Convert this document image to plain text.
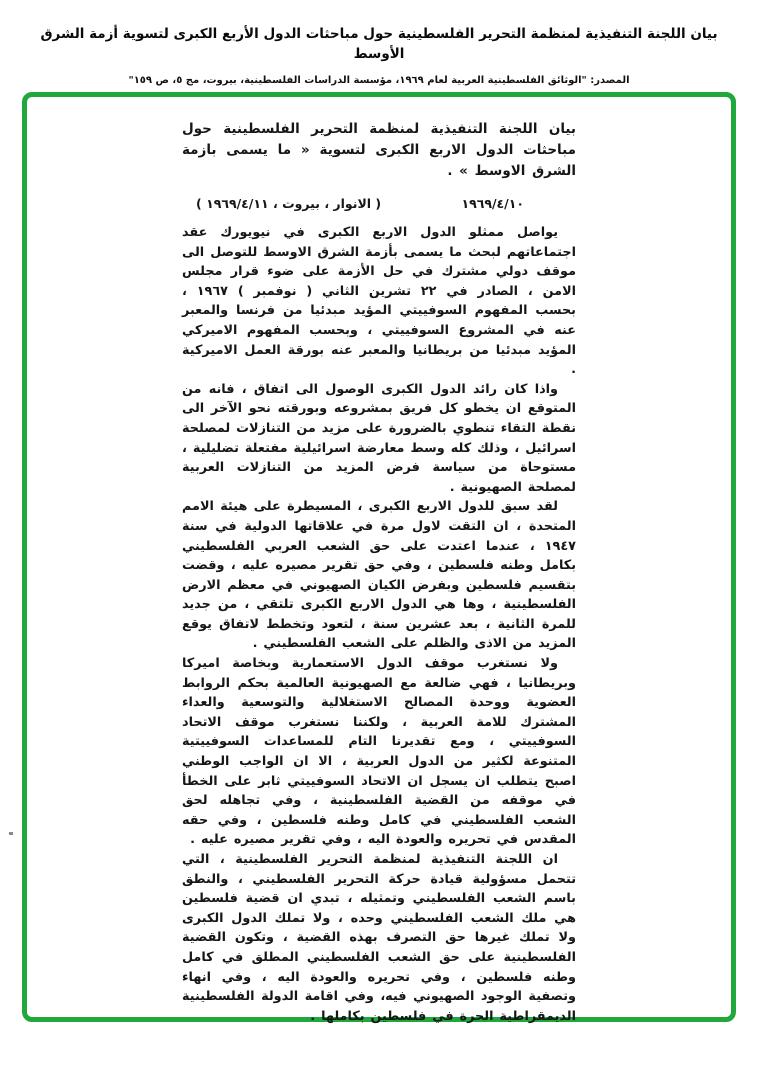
بيان اللجنة التنفيذية لمنظمة التحرير الفلسطينية حول مباحثات الدول الأربع الكبرى لتسوية أزمة الشرق الأوسط
المصدر: "الوثائق الفلسطينية العربية لعام ١٩٦٩، مؤسسة الدراسات الفلسطينية، بيروت، مج ٥، ص ١٥٩"
بيان اللجنة التنفيذية لمنظمة التحرير الفلسطينية حول مباحثات الدول الاربع الكبرى لتسوية « ما يسمى بازمة الشرق الاوسط » .
١٩٦٩/٤/١٠
( الانوار ، بيروت ، ١٩٦٩/٤/١١ )

يواصل ممثلو الدول الاربع الكبرى في نيويورك عقد اجتماعاتهم لبحث ما يسمى بأزمة الشرق الاوسط للتوصل الى موقف دولي مشترك في حل الأزمة على ضوء قرار مجلس الامن ، الصادر في ٢٢ تشرين الثاني ( نوفمبر ) ١٩٦٧ ، بحسب المفهوم السوفييتي المؤيد مبدئيا من فرنسا والمعبر عنه في المشروع السوفييتي ، وبحسب المفهوم الاميركي المؤيد مبدئيا من بريطانيا والمعبر عنه بورقة العمل الاميركية .

واذا كان رائد الدول الكبرى الوصول الى اتفاق ، فانه من المتوقع ان يخطو كل فريق بمشروعه وبورقته نحو الآخر الى نقطة التقاء تنطوي بالضرورة على مزيد من التنازلات لمصلحة اسرائيل ، وذلك كله وسط معارضة اسرائيلية مفتعلة تضليلية ، مستوحاة من سياسة فرض المزيد من التنازلات العربية لمصلحة الصهيونية .

لقد سبق للدول الاربع الكبرى ، المسيطرة على هيئة الامم المتحدة ، ان التقت لاول مرة في علاقاتها الدولية في سنة ١٩٤٧ ، عندما اعتدت على حق الشعب العربي الفلسطيني بكامل وطنه فلسطين ، وفي حق تقرير مصيره عليه ، وقضت بتقسيم فلسطين وبفرض الكيان الصهيوني في معظم الارض الفلسطينية ، وها هي الدول الاربع الكبرى تلتقي ، من جديد للمرة الثانية ، بعد عشرين سنة ، لتعود وتخطط لاتفاق يوقع المزيد من الاذى والظلم على الشعب الفلسطيني .

ولا نستغرب موقف الدول الاستعمارية وبخاصة اميركا وبريطانيا ، فهي ضالعة مع الصهيونية العالمية بحكم الروابط العضوية ووحدة المصالح الاستغلالية والتوسعية والعداء المشترك للامة العربية ، ولكننا نستغرب موقف الاتحاد السوفييتي ، ومع تقديرنا التام للمساعدات السوفييتية المتنوعة لكثير من الدول العربية ، الا ان الواجب الوطني اصبح يتطلب ان يسجل ان الاتحاد السوفييتي ثابر على الخطأ في موقفه من القضية الفلسطينية ، وفي تجاهله لحق الشعب الفلسطيني في كامل وطنه فلسطين ، وفي حقه المقدس في تحريره والعودة اليه ، وفي تقرير مصيره عليه .

ان اللجنة التنفيذية لمنظمة التحرير الفلسطينية ، التي تتحمل مسؤولية قيادة حركة التحرير الفلسطيني ، والنطق باسم الشعب الفلسطيني وتمثيله ، تبدي ان قضية فلسطين هي ملك الشعب الفلسطيني وحده ، ولا تملك الدول الكبرى ولا تملك غيرها حق التصرف بهذه القضية ، وتكون القضية الفلسطينية على حق الشعب الفلسطيني المطلق في كامل وطنه فلسطين ، وفي تحريره والعودة اليه ، وفي انهاء وتصفية الوجود الصهيوني فيه، وفي اقامة الدولة الفلسطينية الديمقراطية الحرة في فلسطين بكاملها .
